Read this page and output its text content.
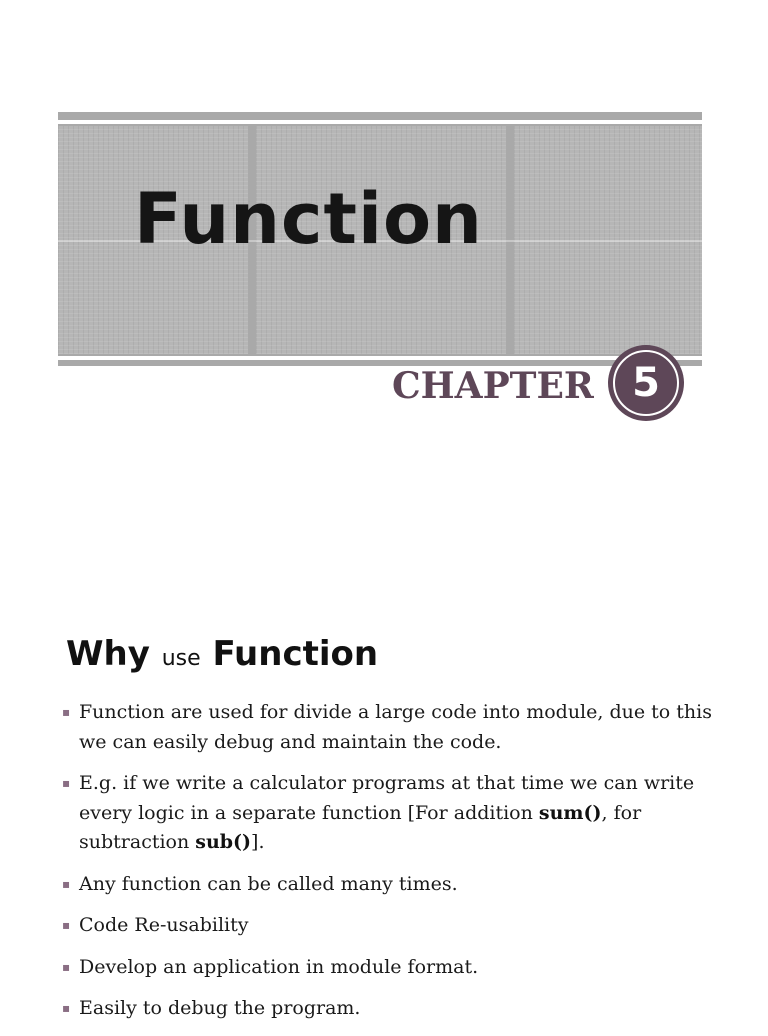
Function
CHAPTER 5
Why use Function
▪ Function are used for divide a large code into module, due to this we can easily debug and maintain the code.
▪ E.g. if we write a calculator programs at that time we can write every logic in a separate function [For addition sum(), for subtraction sub()].
▪ Any function can be called many times.
▪ Code Re-usability
▪ Develop an application in module format.
▪ Easily to debug the program.
